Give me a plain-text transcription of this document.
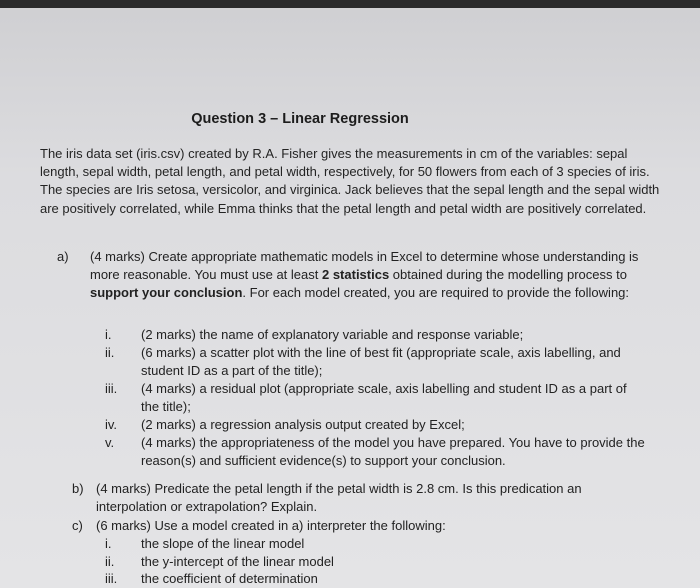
Question 3 – Linear Regression
The iris data set (iris.csv) created by R.A. Fisher gives the measurements in cm of the variables: sepal length, sepal width, petal length, and petal width, respectively, for 50 flowers from each of 3 species of iris. The species are Iris setosa, versicolor, and virginica. Jack believes that the sepal length and the sepal width are positively correlated, while Emma thinks that the petal length and petal width are positively correlated.
a)	(4 marks) Create appropriate mathematic models in Excel to determine whose understanding is more reasonable. You must use at least 2 statistics obtained during the modelling process to support your conclusion. For each model created, you are required to provide the following:
i.	(2 marks) the name of explanatory variable and response variable;
ii.	(6 marks) a scatter plot with the line of best fit (appropriate scale, axis labelling, and student ID as a part of the title);
iii.	(4 marks) a residual plot (appropriate scale, axis labelling and student ID as a part of the title);
iv.	(2 marks) a regression analysis output created by Excel;
v.	(4 marks) the appropriateness of the model you have prepared. You have to provide the reason(s) and sufficient evidence(s) to support your conclusion.
b) (4 marks) Predicate the petal length if the petal width is 2.8 cm. Is this predication an interpolation or extrapolation? Explain.
c)	(6 marks) Use a model created in a) interpreter the following:
i.	the slope of the linear model
ii.	the y-intercept of the linear model
iii.	the coefficient of determination
